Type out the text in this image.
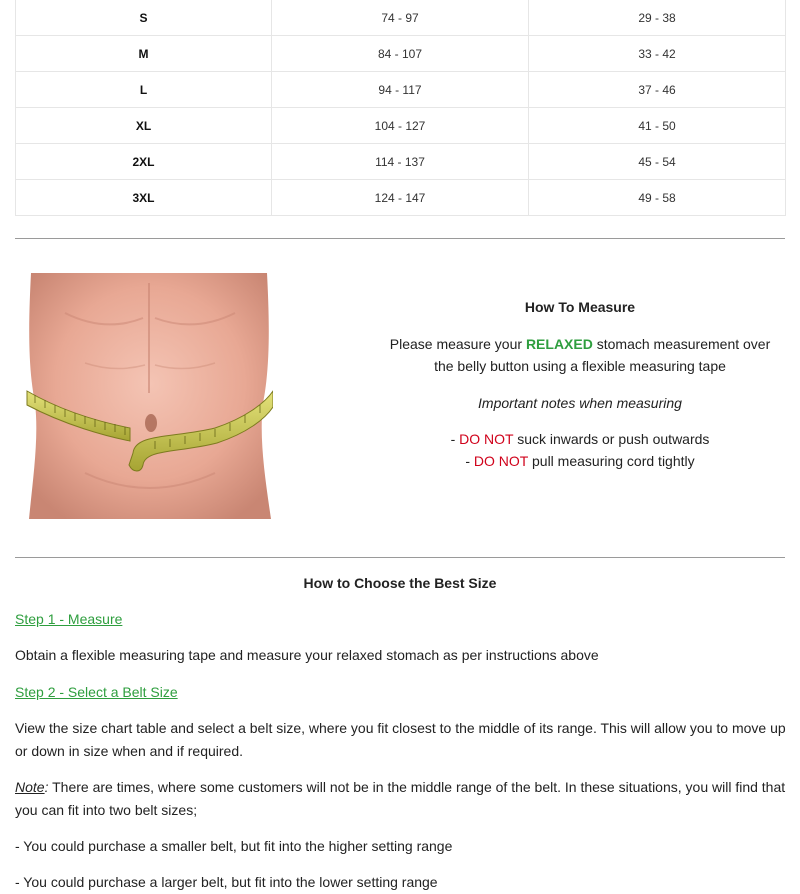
S	74 - 97	29 - 38
M	84 - 107	33 - 42
L	94 - 117	37 - 46
XL	104 - 127	41 - 50
2XL	114 - 137	45 - 54
3XL	124 - 147	49 - 58

How To Measure

Please measure your RELAXED stomach measurement over

the belly button using a flexible measuring tape

Important notes when measuring

- DO NOT suck inwards or push outwards

- DO NOT pull measuring cord tightly

How to Choose the Best Size

Step 1 - Measure

Obtain a flexible measuring tape and measure your relaxed stomach as per instructions above

Step 2 - Select a Belt Size

View the size chart table and select a belt size, where you fit closest to the middle of its range. This will allow you to move up or down in size when and if required.

Note: There are times, where some customers will not be in the middle range of the belt. In these situations, you will find that you can fit into two belt sizes;

- You could purchase a smaller belt, but fit into the higher setting range

- You could purchase a larger belt, but fit into the lower setting range
